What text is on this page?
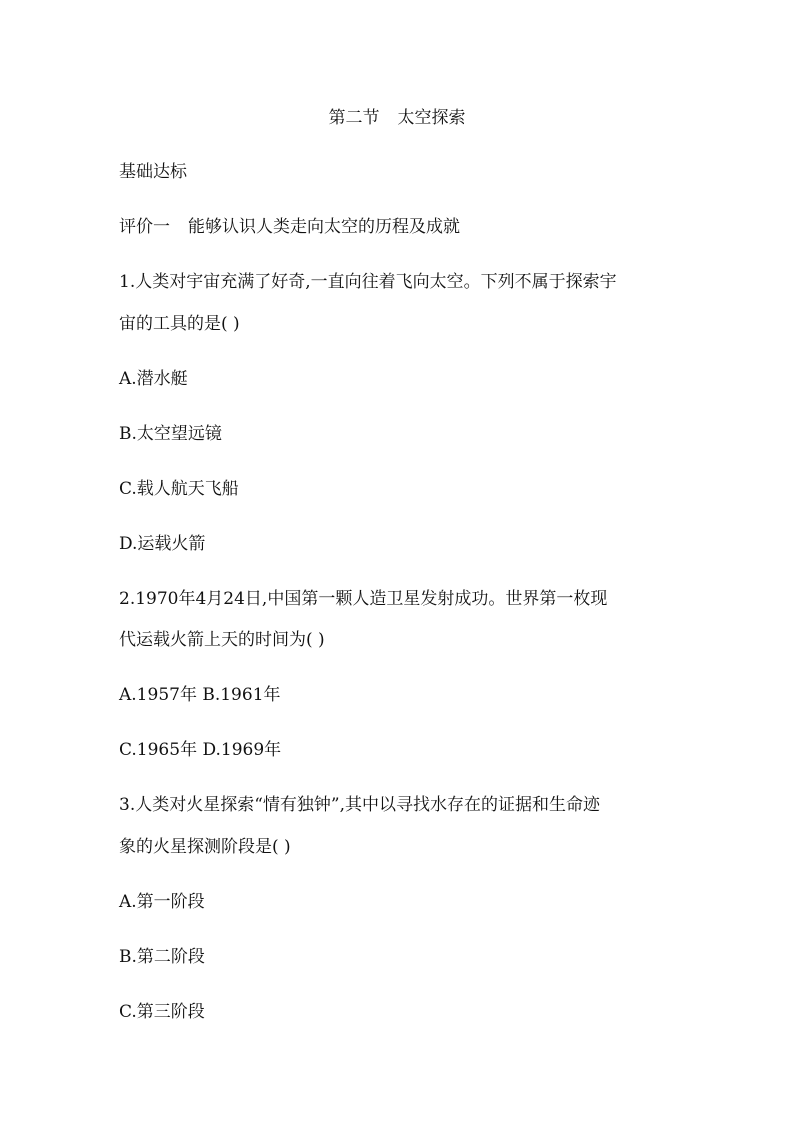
第二节 太空探索
基础达标
评价一 能够认识人类走向太空的历程及成就
1.人类对宇宙充满了好奇,一直向往着飞向太空。下列不属于探索宇
宙的工具的是( )
A.潜水艇
B.太空望远镜
C.载人航天飞船
D.运载火箭
2.1970年4月24日,中国第一颗人造卫星发射成功。世界第一枚现
代运载火箭上天的时间为( )
A.1957年 B.1961年
C.1965年 D.1969年
3.人类对火星探索“情有独钟”,其中以寻找水存在的证据和生命迹
象的火星探测阶段是( )
A.第一阶段
B.第二阶段
C.第三阶段
